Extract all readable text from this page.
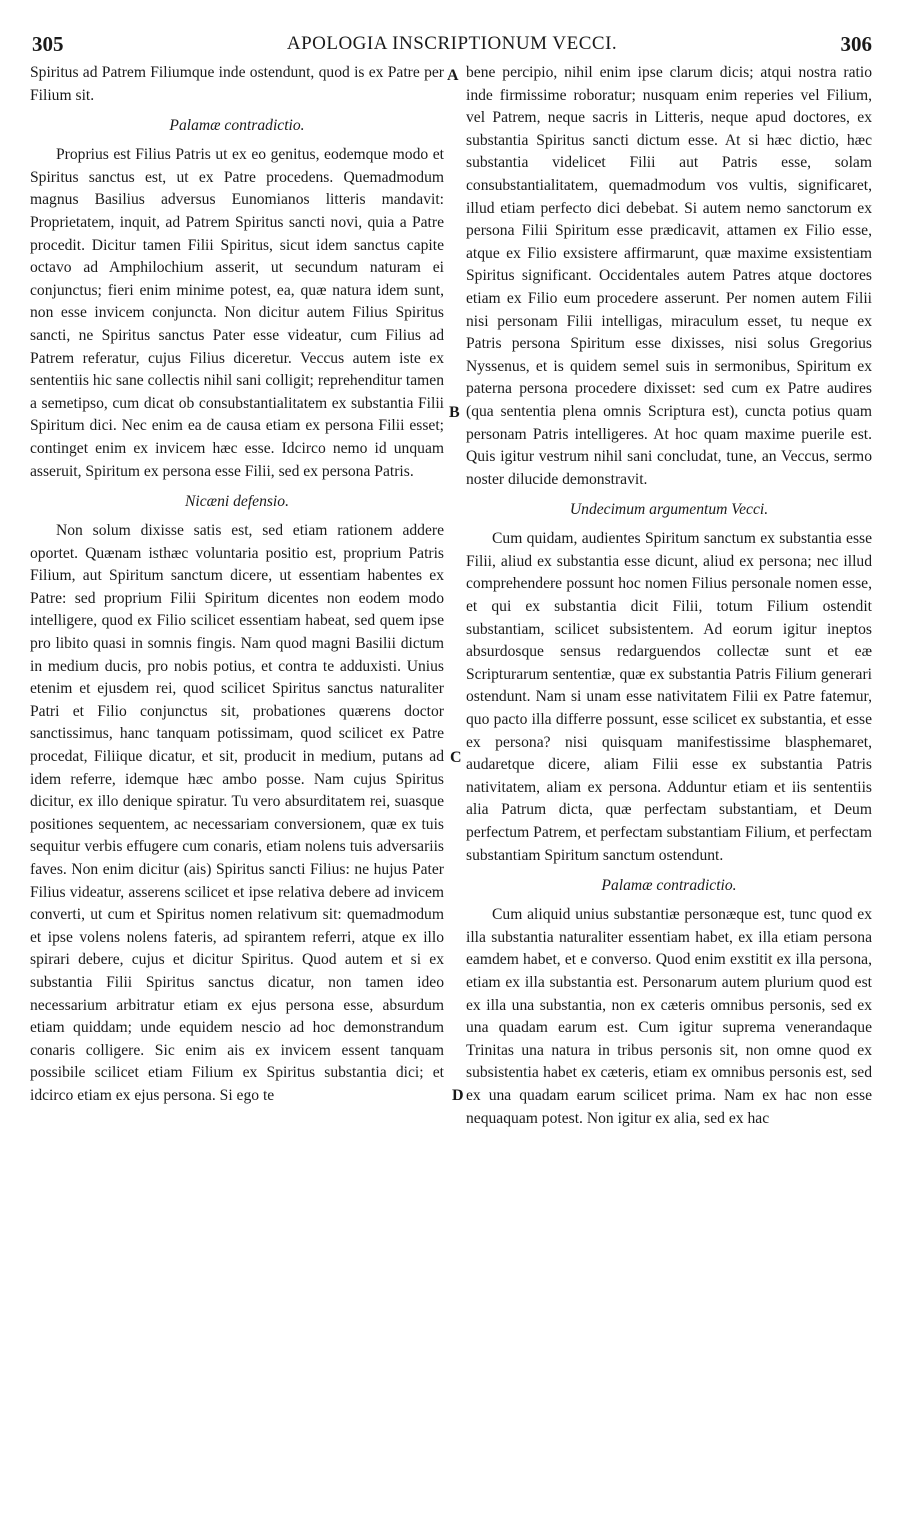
305	APOLOGIA INSCRIPTIONUM VECCI.	306

Spiritus ad Patrem Filiumque inde ostendunt, quod is ex Patre per Filium sit.

Palamæ contradictio.

Proprius est Filius Patris ut ex eo genitus, eodemque modo et Spiritus sanctus est, ut ex Patre procedens. Quemadmodum magnus Basilius adversus Eunomianos litteris mandavit: Proprietatem, inquit, ad Patrem Spiritus sancti novi, quia a Patre procedit. Dicitur tamen Filii Spiritus, sicut idem sanctus capite octavo ad Amphilochium asserit, ut secundum naturam ei conjunctus; fieri enim minime potest, ea, quæ natura idem sunt, non esse invicem conjuncta. Non dicitur autem Filius Spiritus sancti, ne Spiritus sanctus Pater esse videatur, cum Filius ad Patrem referatur, cujus Filius diceretur. Veccus autem iste ex sententiis hic sane collectis nihil sani colligit; reprehenditur tamen a semetipso, cum dicat ob consubstantialitatem ex substantia Filii Spiritum dici. Nec enim ea de causa etiam ex persona Filii esset; continget enim ex invicem hæc esse. Idcirco nemo id unquam asseruit, Spiritum ex persona esse Filii, sed ex persona Patris.

Nicæni defensio.

Non solum dixisse satis est, sed etiam rationem addere oportet. Quænam isthæc voluntaria positio est, proprium Patris Filium, aut Spiritum sanctum dicere, ut essentiam habentes ex Patre: sed proprium Filii Spiritum dicentes non eodem modo intelligere, quod ex Filio scilicet essentiam habeat, sed quem ipse pro libito quasi in somnis fingis. Nam quod magni Basilii dictum in medium ducis, pro nobis potius, et contra te adduxisti. Unius etenim et ejusdem rei, quod scilicet Spiritus sanctus naturaliter Patri et Filio conjunctus sit, probationes quærens doctor sanctissimus, hanc tanquam potissimam, quod scilicet ex Patre procedat, Filiique dicatur, et sit, producit in medium, putans ad idem referre, idemque hæc ambo posse. Nam cujus Spiritus dicitur, ex illo denique spiratur. Tu vero absurditatem rei, suasque positiones sequentem, ac necessariam conversionem, quæ ex tuis sequitur verbis effugere cum conaris, etiam nolens tuis adversariis faves. Non enim dicitur (ais) Spiritus sancti Filius: ne hujus Pater Filius videatur, asserens scilicet et ipse relativa debere ad invicem converti, ut cum et Spiritus nomen relativum sit: quemadmodum et ipse volens nolens fateris, ad spirantem referri, atque ex illo spirari debere, cujus et dicitur Spiritus. Quod autem et si ex substantia Filii Spiritus sanctus dicatur, non tamen ideo necessarium arbitratur etiam ex ejus persona esse, absurdum etiam quiddam; unde equidem nescio ad hoc demonstrandum conaris colligere. Sic enim ais ex invicem essent tanquam possibile scilicet etiam Filium ex Spiritus substantia dici; et idcirco etiam ex ejus persona. Si ego te

bene percipio, nihil enim ipse clarum dicis; atqui nostra ratio inde firmissime roboratur; nusquam enim reperies vel Filium, vel Patrem, neque sacris in Litteris, neque apud doctores, ex substantia Spiritus sancti dictum esse. At si hæc dictio, hæc substantia videlicet Filii aut Patris esse, solam consubstantialitatem, quemadmodum vos vultis, significaret, illud etiam perfecto dici debebat. Si autem nemo sanctorum ex persona Filii Spiritum esse prædicavit, attamen ex Filio esse, atque ex Filio exsistere affirmarunt, quæ maxime exsistentiam Spiritus significant. Occidentales autem Patres atque doctores etiam ex Filio eum procedere asserunt. Per nomen autem Filii nisi personam Filii intelligas, miraculum esset, tu neque ex Patris persona Spiritum esse dixisses, nisi solus Gregorius Nyssenus, et is quidem semel suis in sermonibus, Spiritum ex paterna persona procedere dixisset: sed cum ex Patre audires (qua sententia plena omnis Scriptura est), cuncta potius quam personam Patris intelligeres. At hoc quam maxime puerile est. Quis igitur vestrum nihil sani concludat, tune, an Veccus, sermo noster dilucide demonstravit.

Undecimum argumentum Vecci.

Cum quidam, audientes Spiritum sanctum ex substantia esse Filii, aliud ex substantia esse dicunt, aliud ex persona; nec illud comprehendere possunt hoc nomen Filius personale nomen esse, et qui ex substantia dicit Filii, totum Filium ostendit substantiam, scilicet subsistentem. Ad eorum igitur ineptos absurdosque sensus redarguendos collectæ sunt et eæ Scripturarum sententiæ, quæ ex substantia Patris Filium generari ostendunt. Nam si unam esse nativitatem Filii ex Patre fatemur, quo pacto illa differre possunt, esse scilicet ex substantia, et esse ex persona? nisi quisquam manifestissime blasphemaret, audaretque dicere, aliam Filii esse ex substantia Patris nativitatem, aliam ex persona. Adduntur etiam et iis sententiis alia Patrum dicta, quæ perfectam substantiam, et Deum perfectum Patrem, et perfectam substantiam Filium, et perfectam substantiam Spiritum sanctum ostendunt.

Palamæ contradictio.

Cum aliquid unius substantiæ personæque est, tunc quod ex illa substantia naturaliter essentiam habet, ex illa etiam persona eamdem habet, et e converso. Quod enim exstitit ex illa persona, etiam ex illa substantia est. Personarum autem plurium quod est ex illa una substantia, non ex cæteris omnibus personis, sed ex una quadam earum est. Cum igitur suprema venerandaque Trinitas una natura in tribus personis sit, non omne quod ex subsistentia habet ex cæteris, etiam ex omnibus personis est, sed ex una quadam earum scilicet prima. Nam ex hac non esse nequaquam potest. Non igitur ex alia, sed ex hac

A
B
C
D
